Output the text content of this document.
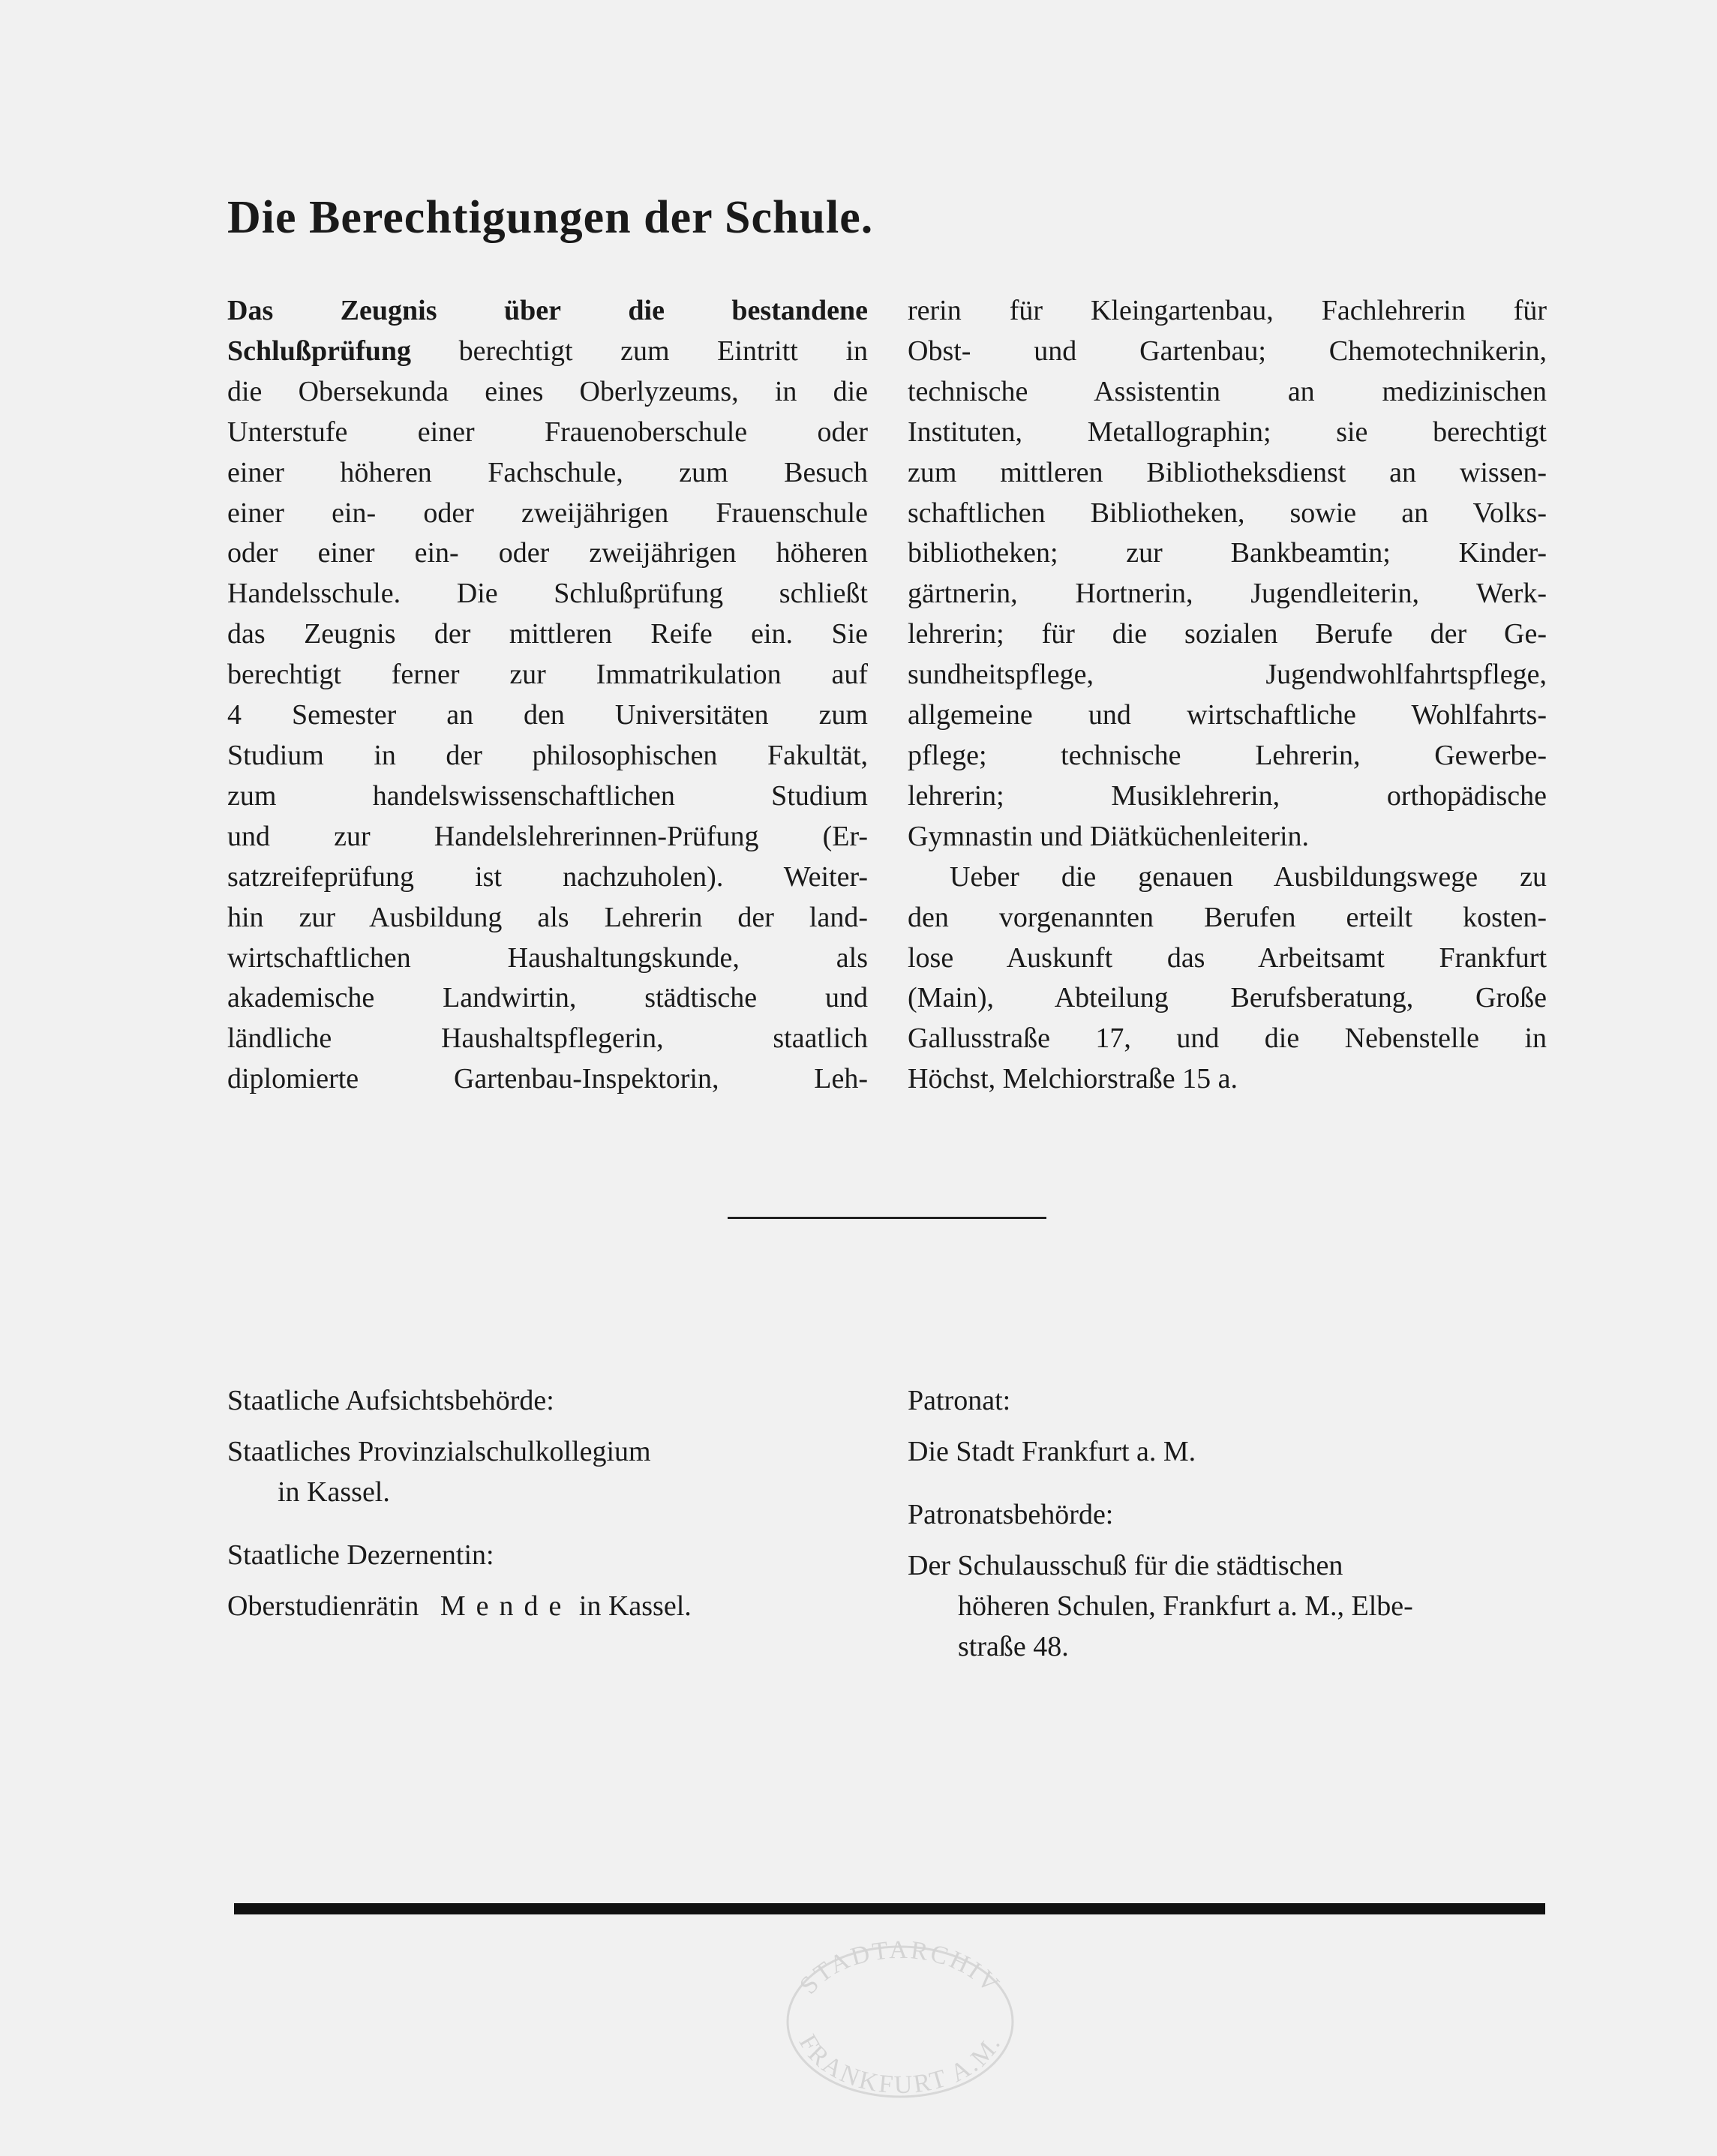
Die Berechtigungen der Schule.

Das    Zeugnis    über    die    bestandene
Schlußprüfung berechtigt zum Eintritt in
die Obersekunda eines Oberlyzeums, in die
Unterstufe einer Frauenoberschule oder
einer höheren Fachschule, zum Besuch
einer ein- oder zweijährigen Frauenschule
oder einer ein- oder zweijährigen höheren
Handelsschule. Die Schlußprüfung schließt
das Zeugnis der mittleren Reife ein. Sie
berechtigt ferner zur Immatrikulation auf
4 Semester an den Universitäten zum
Studium in der philosophischen Fakultät,
zum handelswissenschaftlichen Studium
und zur Handelslehrerinnen-Prüfung (Er-
satzreifeprüfung ist nachzuholen). Weiter-
hin zur Ausbildung als Lehrerin der land-
wirtschaftlichen Haushaltungskunde, als
akademische Landwirtin, städtische und
ländliche Haushaltspflegerin, staatlich
diplomierte Gartenbau-Inspektorin, Leh-

rerin für Kleingartenbau, Fachlehrerin für
Obst- und Gartenbau; Chemotechnikerin,
technische Assistentin an medizinischen
Instituten, Metallographin; sie berechtigt
zum mittleren Bibliotheksdienst an wissen-
schaftlichen Bibliotheken, sowie an Volks-
bibliotheken; zur Bankbeamtin; Kinder-
gärtnerin, Hortnerin, Jugendleiterin, Werk-
lehrerin; für die sozialen Berufe der Ge-
sundheitspflege, Jugendwohlfahrtspflege,
allgemeine und wirtschaftliche Wohlfahrts-
pflege; technische Lehrerin, Gewerbe-
lehrerin; Musiklehrerin, orthopädische
Gymnastin und Diätküchenleiterin.

Ueber die genauen Ausbildungswege zu
den vorgenannten Berufen erteilt kosten-
lose Auskunft das Arbeitsamt Frankfurt
(Main), Abteilung Berufsberatung, Große
Gallusstraße 17, und die Nebenstelle in
Höchst, Melchiorstraße 15 a.

Staatliche Aufsichtsbehörde:
Staatliches Provinzialschulkollegium
in Kassel.
Staatliche Dezernentin:
Oberstudienrätin Mende in Kassel.
Patronat:
Die Stadt Frankfurt a. M.
Patronatsbehörde:
Der Schulausschuß für die städtischen
höheren Schulen, Frankfurt a. M., Elbe-
straße 48.
STADTARCHIV
FRANKFURT A.M.
